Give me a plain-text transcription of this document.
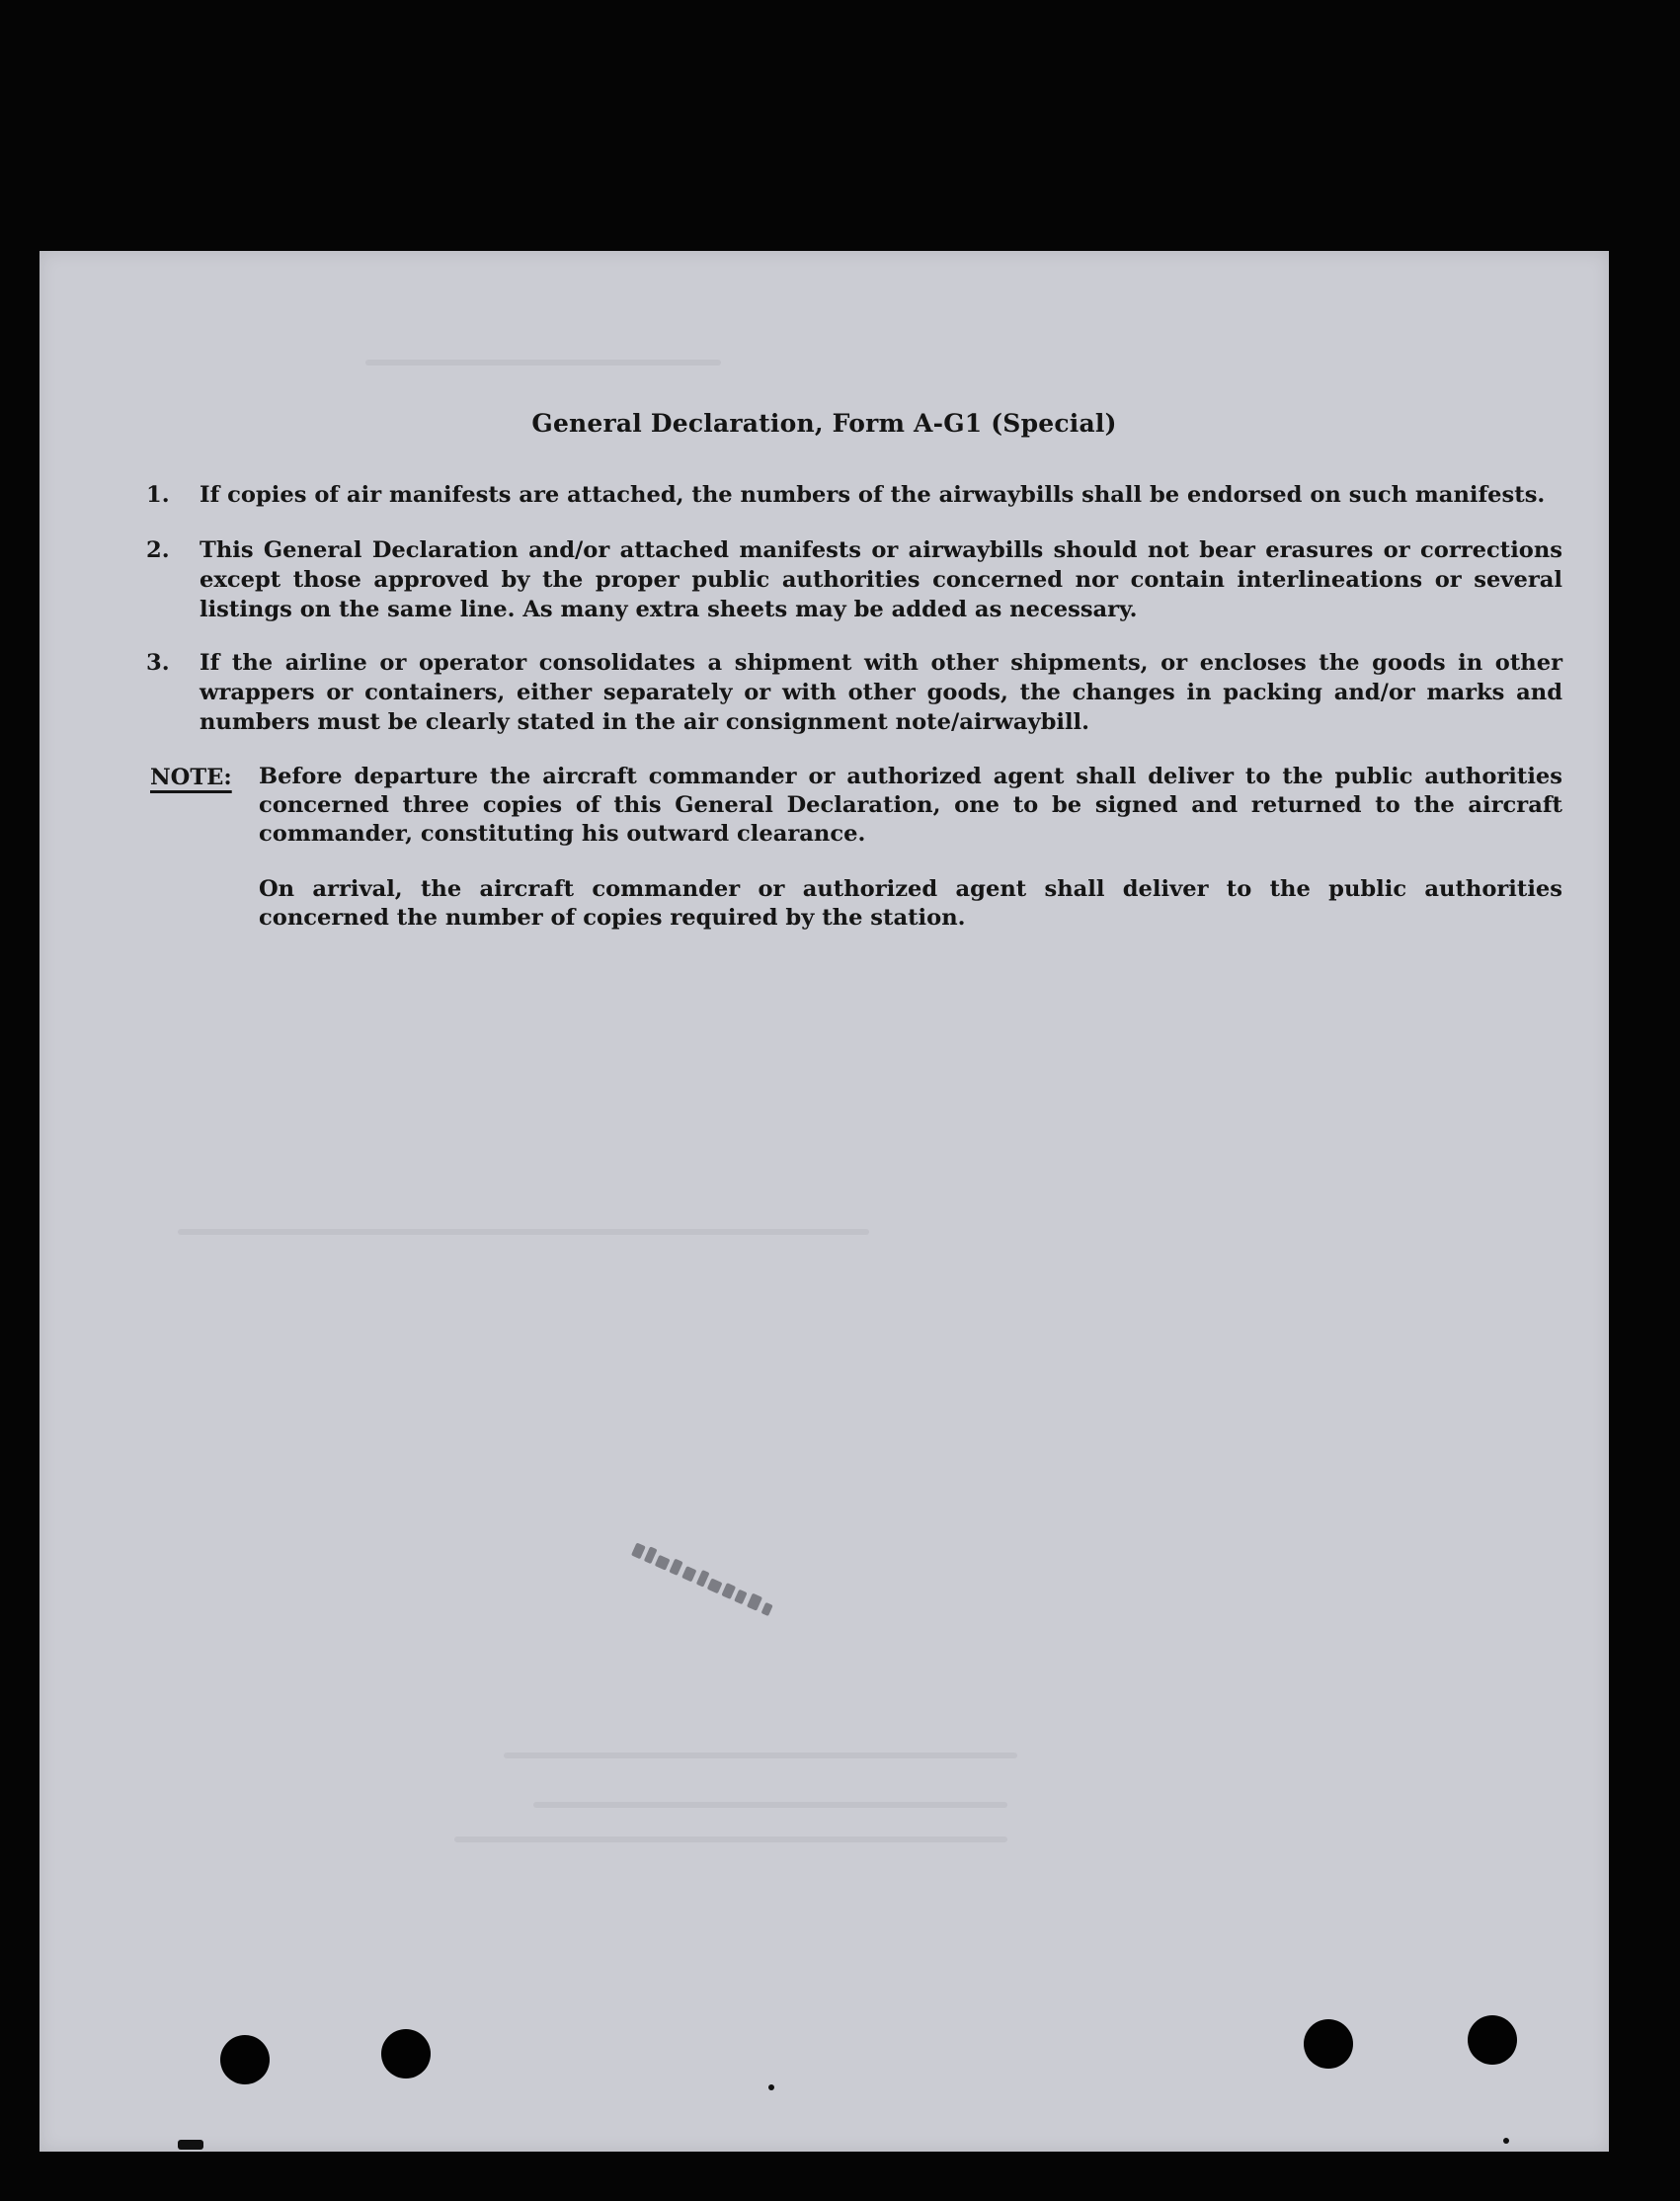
General Declaration, Form A-G1 (Special)
1.	If copies of air manifests are attached, the numbers of the airwaybills shall be endorsed on such manifests.
2.	This General Declaration and/or attached manifests or airwaybills should not bear erasures or corrections except those approved by the proper public authorities concerned nor contain interlineations or several listings on the same line. As many extra sheets may be added as necessary.
3.	If the airline or operator consolidates a shipment with other shipments, or encloses the goods in other wrappers or containers, either separately or with other goods, the changes in packing and/or marks and numbers must be clearly stated in the air consignment note/airwaybill.
NOTE: Before departure the aircraft commander or authorized agent shall deliver to the public authorities concerned three copies of this General Declaration, one to be signed and returned to the aircraft commander, constituting his outward clearance.
On arrival, the aircraft commander or authorized agent shall deliver to the public authorities concerned the number of copies required by the station.
